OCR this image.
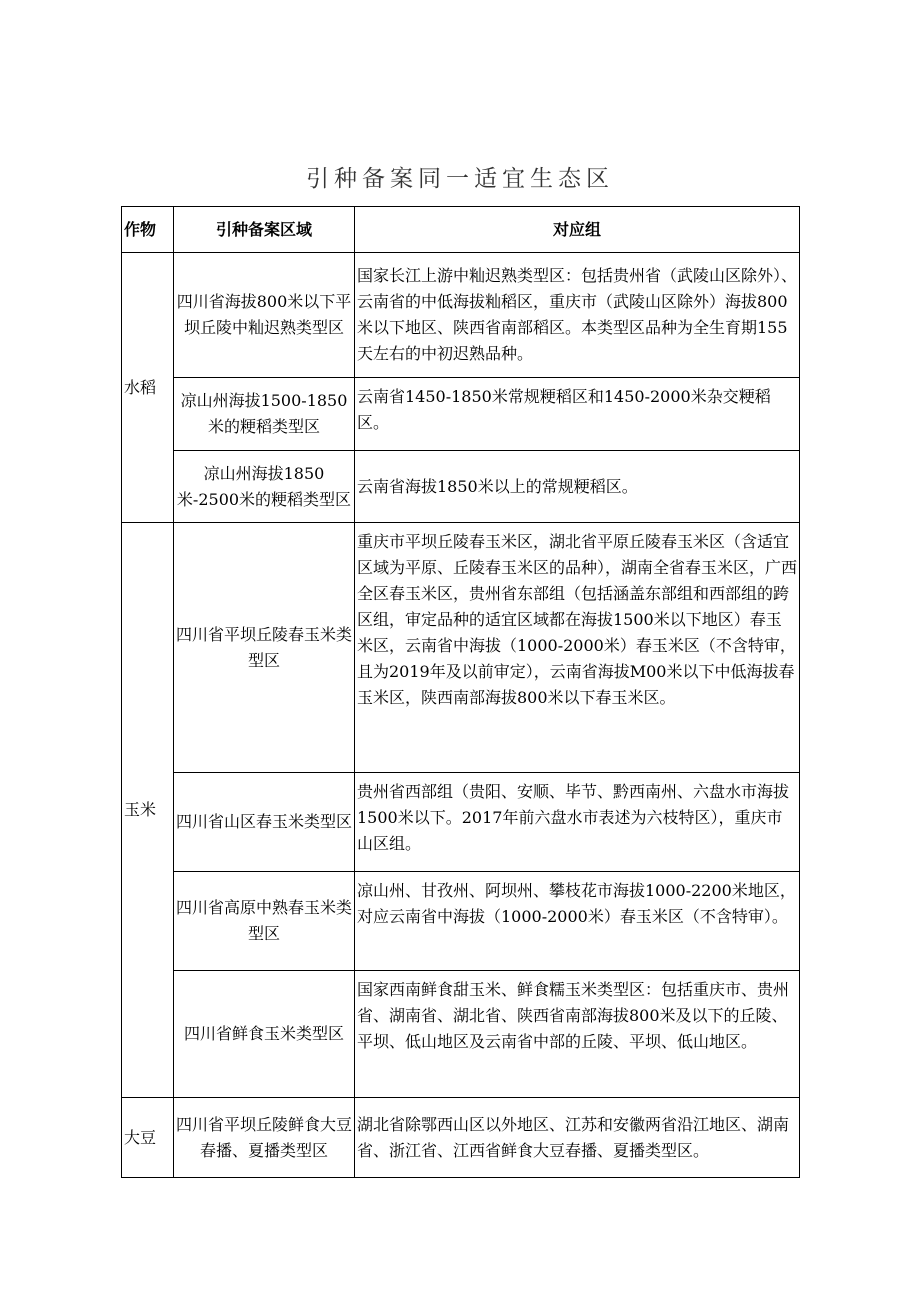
引种备案同一适宜生态区
作物	引种备案区域	对应组
水稻	四川省海拔800米以下平坝丘陵中籼迟熟类型区	国家长江上游中籼迟熟类型区：包括贵州省（武陵山区除外）、云南省的中低海拔籼稻区，重庆市（武陵山区除外）海拔800米以下地区、陕西省南部稻区。本类型区品种为全生育期155天左右的中初迟熟品种。
	凉山州海拔1500-1850米的粳稻类型区	云南省1450-1850米常规粳稻区和1450-2000米杂交粳稻区。
	凉山州海拔1850米-2500米的粳稻类型区	云南省海拔1850米以上的常规粳稻区。
玉米	四川省平坝丘陵春玉米类型区	重庆市平坝丘陵春玉米区，湖北省平原丘陵春玉米区（含适宜区域为平原、丘陵春玉米区的品种），湖南全省春玉米区，广西全区春玉米区，贵州省东部组（包括涵盖东部组和西部组的跨区组，审定品种的适宜区域都在海拔1500米以下地区）春玉米区，云南省中海拔（1000-2000米）春玉米区（不含特审，且为2019年及以前审定），云南省海拔M00米以下中低海拔春玉米区，陕西南部海拔800米以下春玉米区。
	四川省山区春玉米类型区	贵州省西部组（贵阳、安顺、毕节、黔西南州、六盘水市海拔1500米以下。2017年前六盘水市表述为六枝特区），重庆市山区组。
	四川省高原中熟春玉米类型区	凉山州、甘孜州、阿坝州、攀枝花市海拔1000-2200米地区，对应云南省中海拔（1000-2000米）春玉米区（不含特审）。
	四川省鲜食玉米类型区	国家西南鲜食甜玉米、鲜食糯玉米类型区：包括重庆市、贵州省、湖南省、湖北省、陕西省南部海拔800米及以下的丘陵、平坝、低山地区及云南省中部的丘陵、平坝、低山地区。
大豆	四川省平坝丘陵鲜食大豆春播、夏播类型区	湖北省除鄂西山区以外地区、江苏和安徽两省沿江地区、湖南省、浙江省、江西省鲜食大豆春播、夏播类型区。
